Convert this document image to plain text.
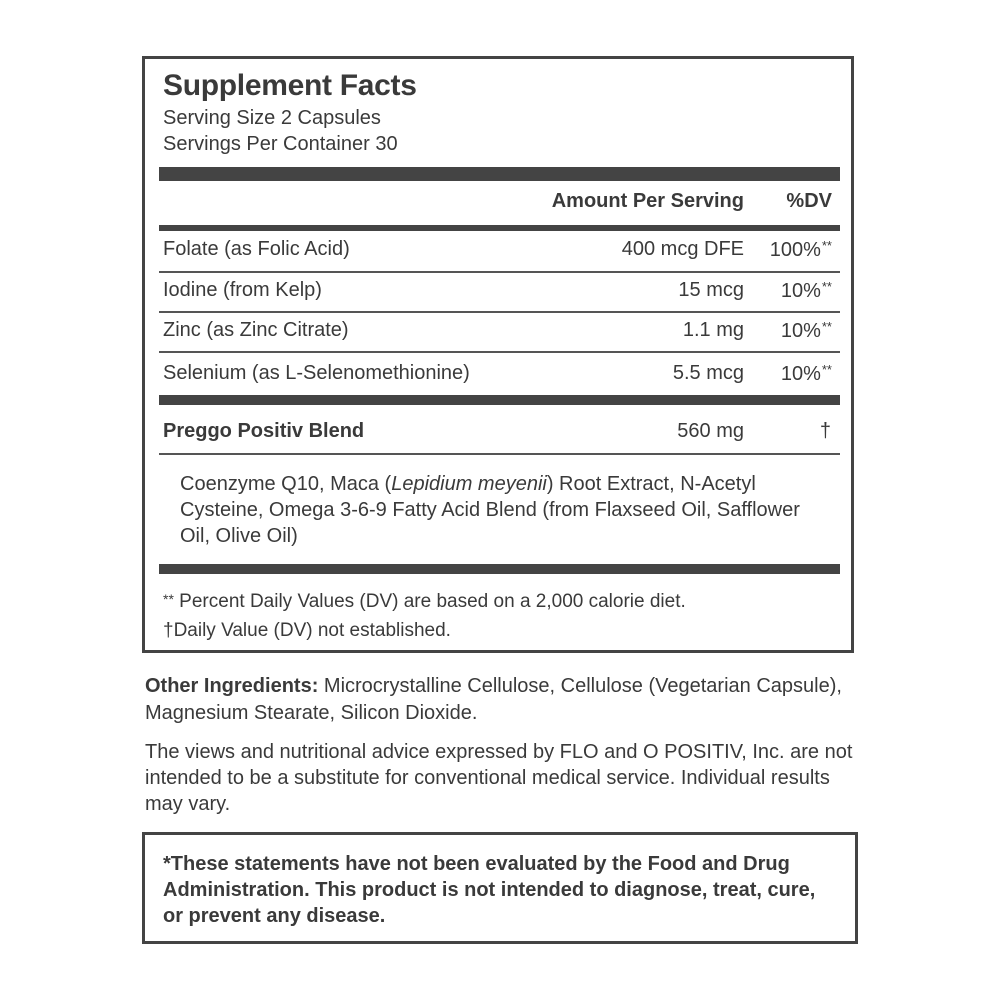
Supplement Facts
Serving Size 2 Capsules
Servings Per Container 30
Amount Per Serving %DV
Folate (as Folic Acid)	400 mcg DFE 100%**
Iodine (from Kelp)	15 mcg 10%**
Zinc (as Zinc Citrate)	1.1 mg 10%**
Selenium (as L-Selenomethionine)	5.5 mcg 10%**
Preggo Positiv Blend	560 mg	†
Coenzyme Q10, Maca (Lepidium meyenii) Root Extract, N-Acetyl Cysteine, Omega 3-6-9 Fatty Acid Blend (from Flaxseed Oil, Safflower Oil, Olive Oil)
** Percent Daily Values (DV) are based on a 2,000 calorie diet.
†Daily Value (DV) not established.
Other Ingredients: Microcrystalline Cellulose, Cellulose (Vegetarian Capsule), Magnesium Stearate, Silicon Dioxide.
The views and nutritional advice expressed by FLO and O POSITIV, Inc. are not intended to be a substitute for conventional medical service. Individual results may vary.
*These statements have not been evaluated by the Food and Drug Administration. This product is not intended to diagnose, treat, cure, or prevent any disease.
